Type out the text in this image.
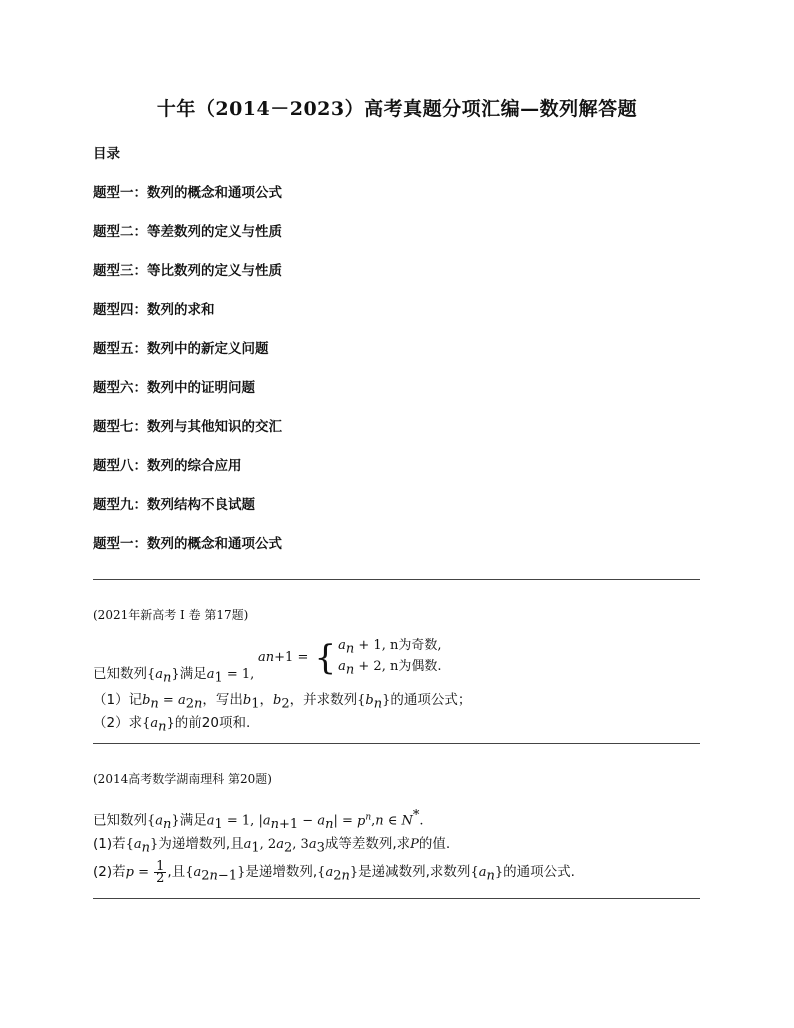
十年（2014－2023）高考真题分项汇编—数列解答题
目录
题型一：数列的概念和通项公式
题型二：等差数列的定义与性质
题型三：等比数列的定义与性质
题型四：数列的求和
题型五：数列中的新定义问题
题型六：数列中的证明问题
题型七：数列与其他知识的交汇
题型八：数列的综合应用
题型九：数列结构不良试题
题型一：数列的概念和通项公式
(2021年新高考 I 卷 第17题)
a n +1 = { $a_n + 1$, n为奇数,
$a_n + 2$, n为偶数.
已知数列$\{a_n\}$满足$a_1 = 1$,
（1）记$b_n = a_{2n}$，写出$b_1$，$b_2$，并求数列$\{b_n\}$的通项公式；
（2）求$\{a_n\}$的前20项和.
(2014高考数学湖南理科 第20题)
已知数列$\{a_n\}$满足$a_1 = 1$, $|a_{n+1} - a_n| = p^n,n$ ∈ N*.
(1)若$\{a_n\}$为递增数列,且$a_1$, $2a_2$, $3a_3$成等差数列,求P的值.
(2)若$p = \frac{1}{2}$ ,且$\{a_{2n-1}\}$是递增数列$,\{a_{2n}\}$是递减数列,求数列$\{a_n\}$的通项公式.
